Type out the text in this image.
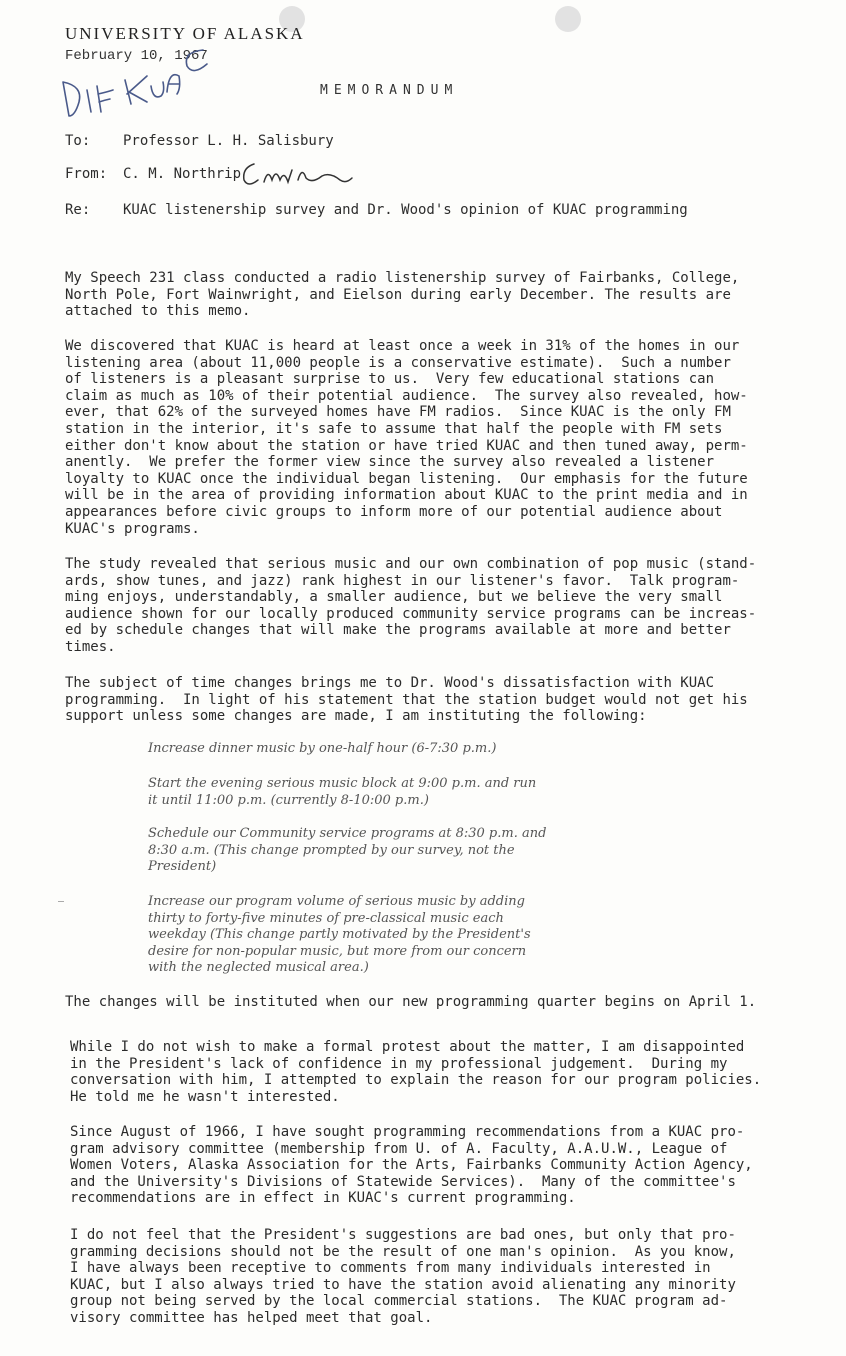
UNIVERSITY OF ALASKA
February 10, 1967
MEMORANDUM
To: Professor L. H. Salisbury
From: C. M. Northrip
Re: KUAC listenership survey and Dr. Wood's opinion of KUAC programming

My Speech 231 class conducted a radio listenership survey of Fairbanks, College,
North Pole, Fort Wainwright, and Eielson during early December. The results are
attached to this memo.

We discovered that KUAC is heard at least once a week in 31% of the homes in our
listening area (about 11,000 people is a conservative estimate).  Such a number
of listeners is a pleasant surprise to us.  Very few educational stations can
claim as much as 10% of their potential audience.  The survey also revealed, how-
ever, that 62% of the surveyed homes have FM radios.  Since KUAC is the only FM
station in the interior, it's safe to assume that half the people with FM sets
either don't know about the station or have tried KUAC and then tuned away, perm-
anently.  We prefer the former view since the survey also revealed a listener
loyalty to KUAC once the individual began listening.  Our emphasis for the future
will be in the area of providing information about KUAC to the print media and in
appearances before civic groups to inform more of our potential audience about
KUAC's programs.

The study revealed that serious music and our own combination of pop music (stand-
ards, show tunes, and jazz) rank highest in our listener's favor.  Talk program-
ming enjoys, understandably, a smaller audience, but we believe the very small
audience shown for our locally produced community service programs can be increas-
ed by schedule changes that will make the programs available at more and better
times.

The subject of time changes brings me to Dr. Wood's dissatisfaction with KUAC
programming.  In light of his statement that the station budget would not get his
support unless some changes are made, I am instituting the following:

Increase dinner music by one-half hour (6-7:30 p.m.)

Start the evening serious music block at 9:00 p.m. and run
it until 11:00 p.m. (currently 8-10:00 p.m.)

Schedule our Community service programs at 8:30 p.m. and
8:30 a.m. (This change prompted by our survey, not the
President)

Increase our program volume of serious music by adding
thirty to forty-five minutes of pre-classical music each
weekday (This change partly motivated by the President's
desire for non-popular music, but more from our concern
with the neglected musical area.)

The changes will be instituted when our new programming quarter begins on April 1.

While I do not wish to make a formal protest about the matter, I am disappointed
in the President's lack of confidence in my professional judgement.  During my
conversation with him, I attempted to explain the reason for our program policies.
He told me he wasn't interested.

Since August of 1966, I have sought programming recommendations from a KUAC pro-
gram advisory committee (membership from U. of A. Faculty, A.A.U.W., League of
Women Voters, Alaska Association for the Arts, Fairbanks Community Action Agency,
and the University's Divisions of Statewide Services).  Many of the committee's
recommendations are in effect in KUAC's current programming.

I do not feel that the President's suggestions are bad ones, but only that pro-
gramming decisions should not be the result of one man's opinion.  As you know,
I have always been receptive to comments from many individuals interested in
KUAC, but I also always tried to have the station avoid alienating any minority
group not being served by the local commercial stations.  The KUAC program ad-
visory committee has helped meet that goal.
